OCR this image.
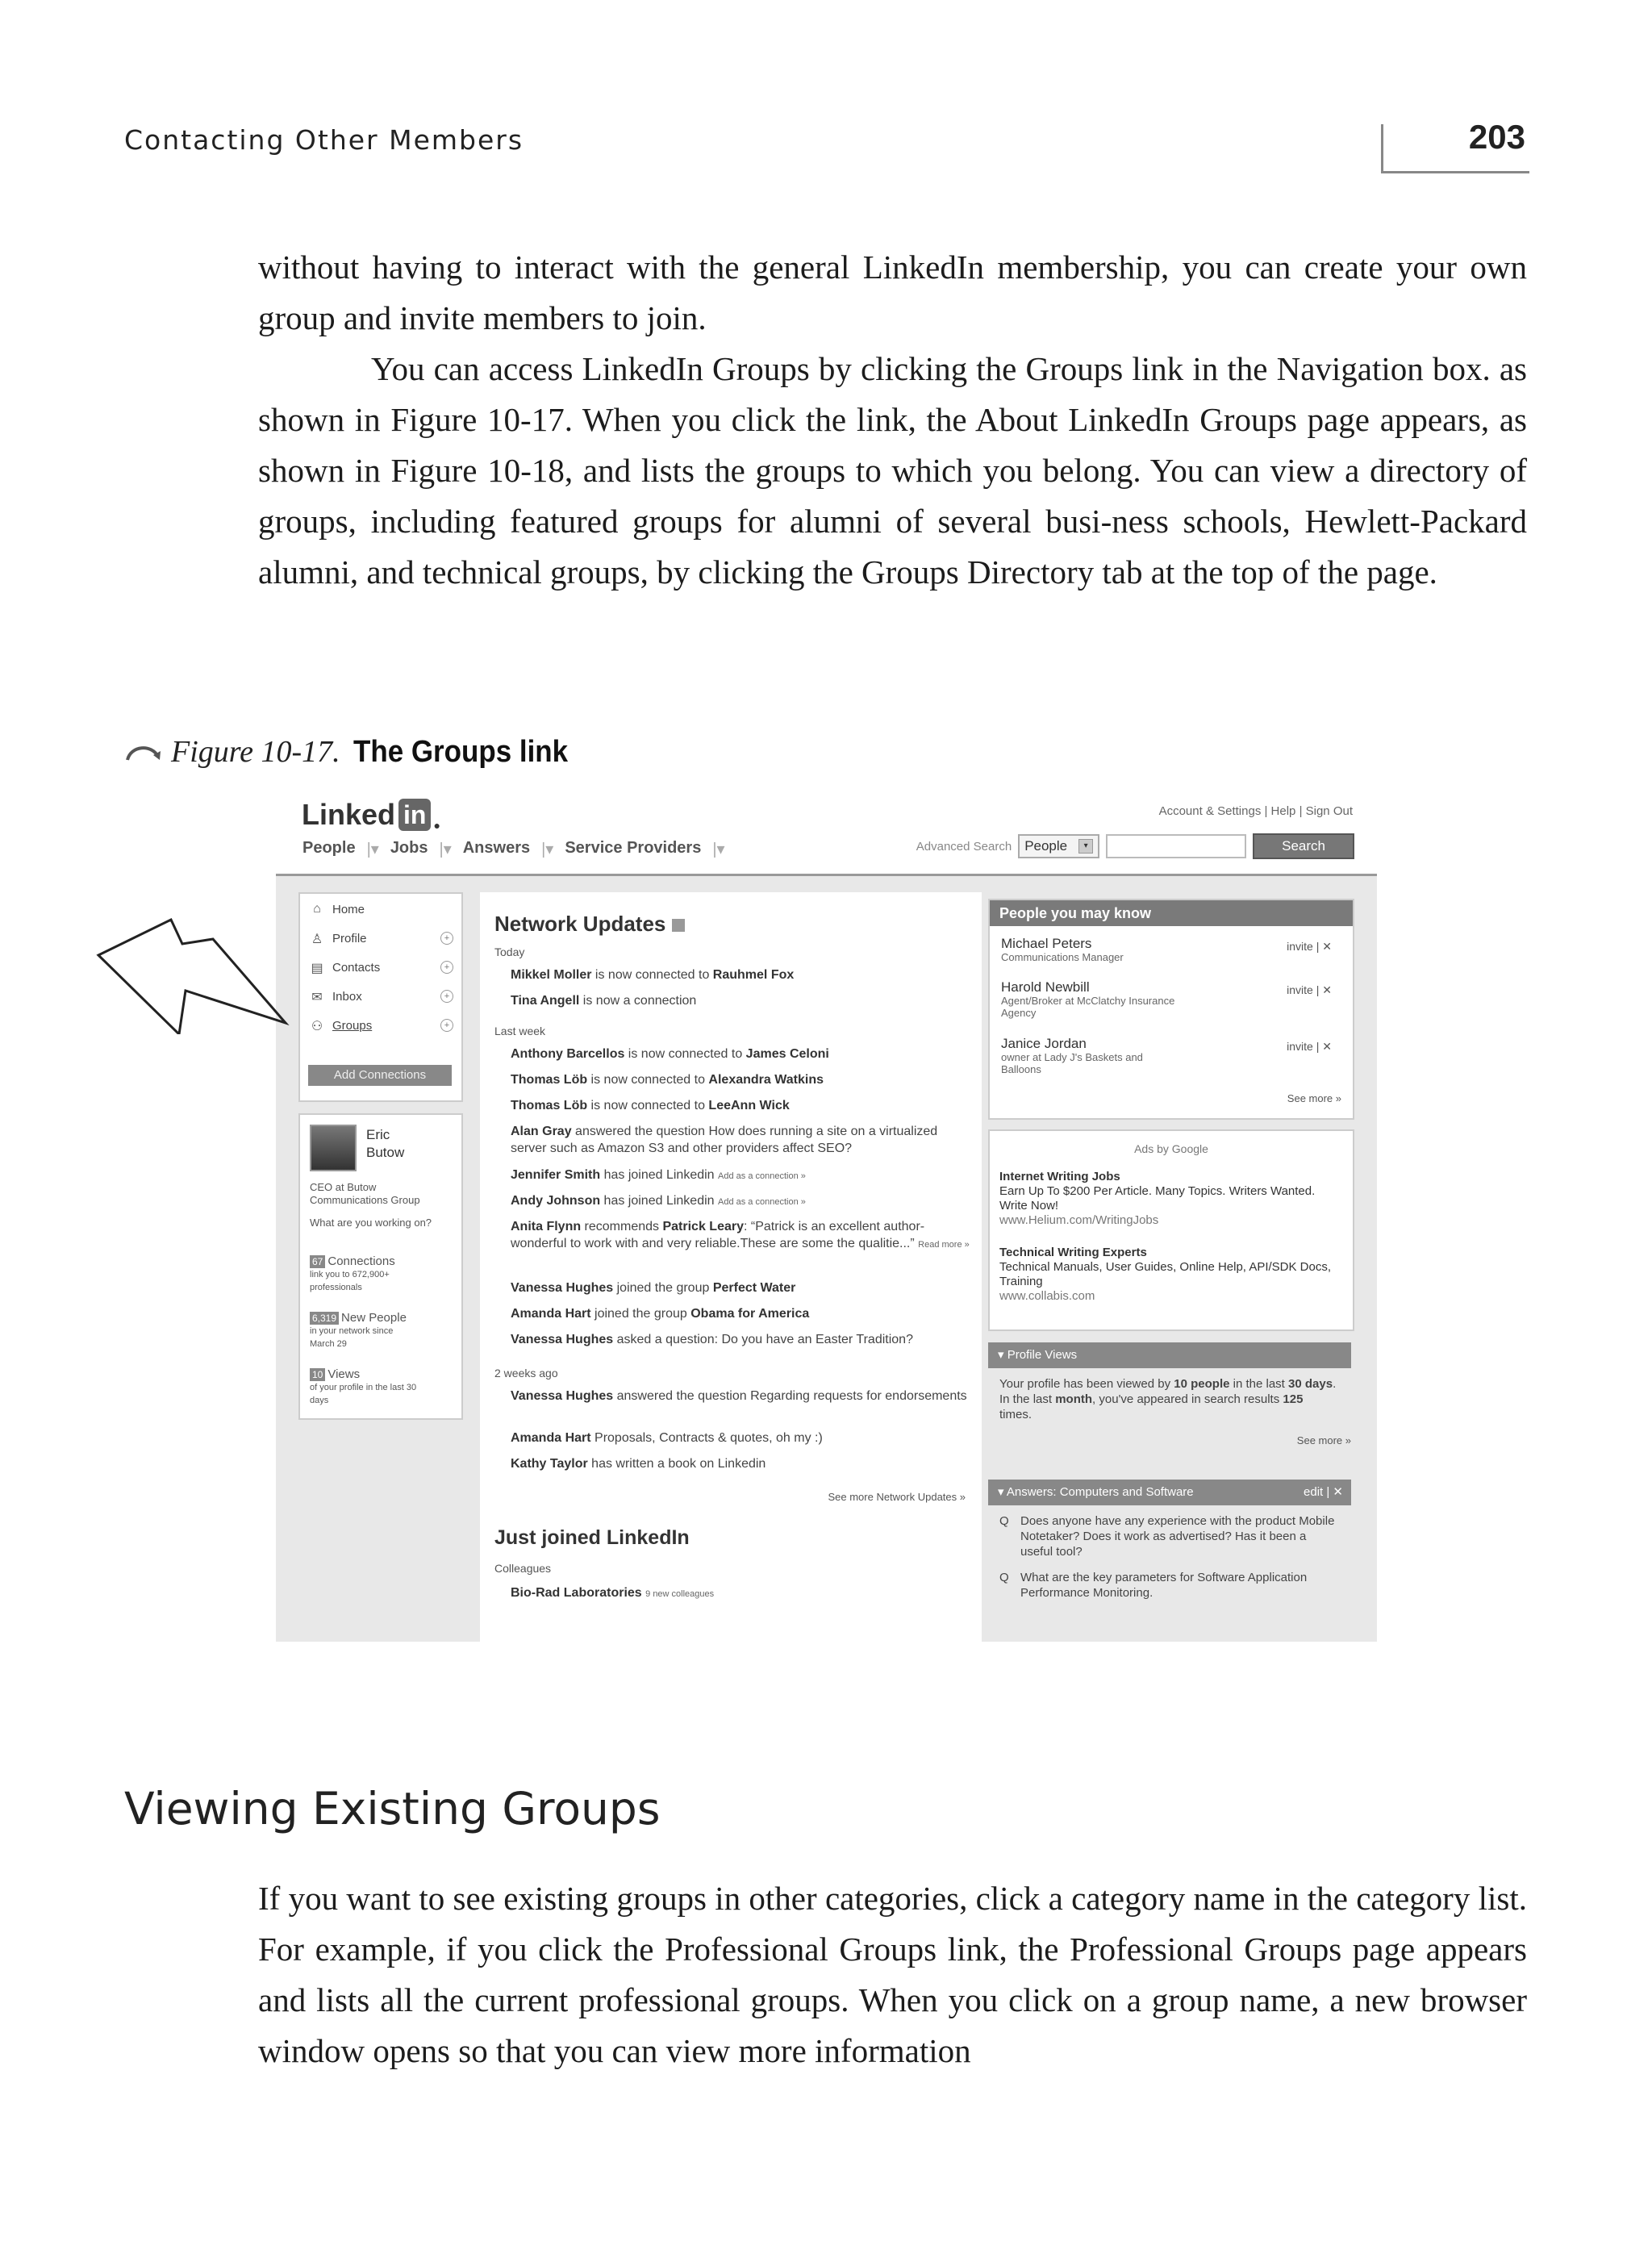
Contacting Other Members	203

without having to interact with the general LinkedIn membership, you can create your own group and invite members to join.

You can access LinkedIn Groups by clicking the Groups link in the Navigation box. as shown in Figure 10-17. When you click the link, the About LinkedIn Groups page appears, as shown in Figure 10-18, and lists the groups to which you belong. You can view a directory of groups, including featured groups for alumni of several busi-ness schools, Hewlett-Packard alumni, and technical groups, by clicking the Groups Directory tab at the top of the page.

Figure 10-17. The Groups link
Linked in ●
Account & Settings | Help | Sign Out
People |▾ Jobs |▾ Answers |▾ Service Providers |▾	Advanced Search People	▾	Search
⌂ Home
♙ Profile	+
▤ Contacts	+
✉ Inbox	+
⚇ Groups	+
Add Connections
Eric
Butow
CEO at Butow
Communications Group
What are you working on?
67 Connections
link you to 672,900+
professionals
6,319 New People
in your network since
March 29
10 Views
of your profile in the last 30
days
Network Updates
Today
Mikkel Moller is now connected to Rauhmel Fox
Tina Angell is now a connection
Last week
Anthony Barcellos is now connected to James Celoni
Thomas Löb is now connected to Alexandra Watkins
Thomas Löb is now connected to LeeAnn Wick
Alan Gray answered the question How does running a site on a virtualized server such as Amazon S3 and other providers affect SEO?
Jennifer Smith has joined Linkedin Add as a connection »
Andy Johnson has joined Linkedin Add as a connection »
Anita Flynn recommends Patrick Leary: “Patrick is an excellent author- wonderful to work with and very reliable.These are some the qualitie...” Read more »
Vanessa Hughes joined the group Perfect Water
Amanda Hart joined the group Obama for America
Vanessa Hughes asked a question: Do you have an Easter Tradition?
2 weeks ago
Vanessa Hughes answered the question Regarding requests for endorsements
Amanda Hart Proposals, Contracts & quotes, oh my :)
Kathy Taylor has written a book on Linkedin
See more Network Updates »
Just joined LinkedIn
Colleagues
Bio-Rad Laboratories 9 new colleagues
People you may know
Michael Peters
Communications Manager
invite | ✕
Harold Newbill
Agent/Broker at McClatchy Insurance Agency
invite | ✕
Janice Jordan
owner at Lady J's Baskets and Balloons
invite | ✕
See more »
Ads by Google
Internet Writing Jobs
Earn Up To $200 Per Article. Many Topics. Writers Wanted. Write Now!
www.Helium.com/WritingJobs
Technical Writing Experts
Technical Manuals, User Guides, Online Help, API/SDK Docs, Training
www.collabis.com
▾ Profile Views
Your profile has been viewed by 10 people in the last 30 days. In the last month, you've appeared in search results 125 times.
See more »
▾ Answers: Computers and Software	edit | ✕
Q Does anyone have any experience with the product Mobile Notetaker? Does it work as advertised? Has it been a useful tool?
Q What are the key parameters for Software Application Performance Monitoring.
Viewing Existing Groups

If you want to see existing groups in other categories, click a category name in the category list. For example, if you click the Professional Groups link, the Professional Groups page appears and lists all the current professional groups. When you click on a group name, a new browser window opens so that you can view more information
